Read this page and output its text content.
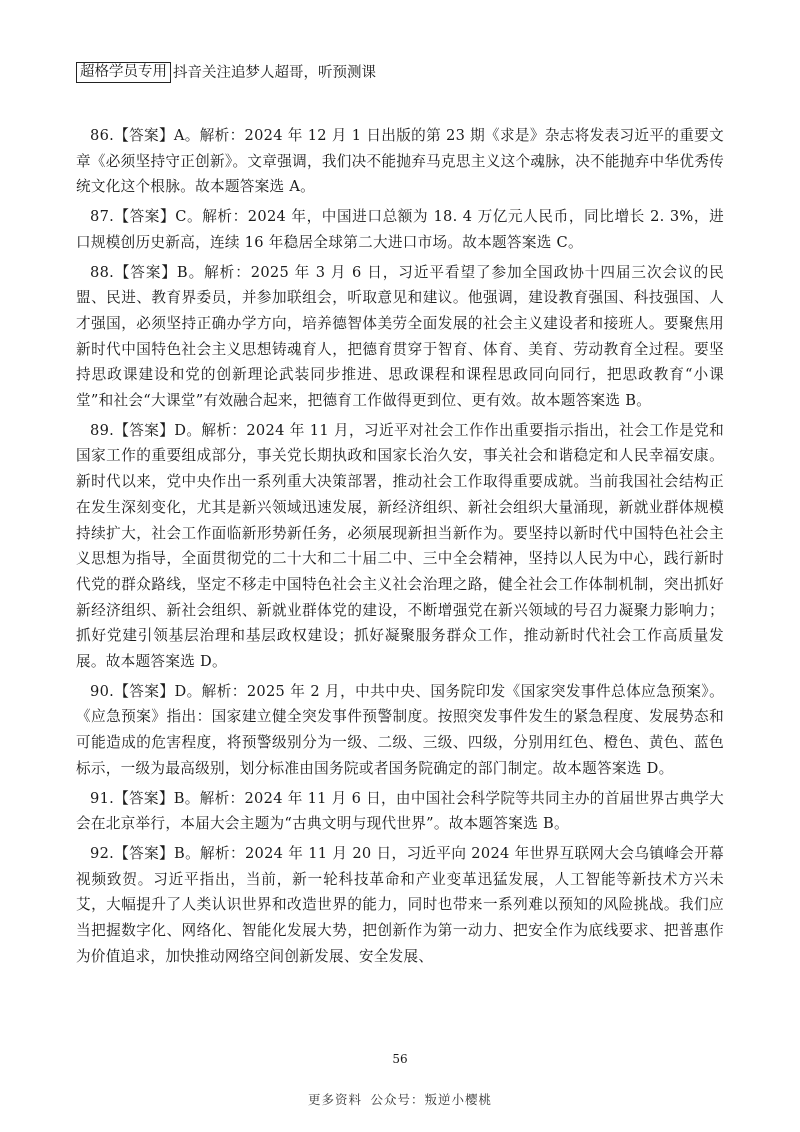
超格学员专用 抖音关注追梦人超哥，听预测课

86.【答案】A。解析：2024 年 12 月 1 日出版的第 23 期《求是》杂志将发表习近平的重要文章《必须坚持守正创新》。文章强调，我们决不能抛弃马克思主义这个魂脉，决不能抛弃中华优秀传统文化这个根脉。故本题答案选 A。

87.【答案】C。解析：2024 年，中国进口总额为 18. 4 万亿元人民币，同比增长 2. 3%，进口规模创历史新高，连续 16 年稳居全球第二大进口市场。故本题答案选 C。

88.【答案】B。解析：2025 年 3 月 6 日，习近平看望了参加全国政协十四届三次会议的民盟、民进、教育界委员，并参加联组会，听取意见和建议。他强调，建设教育强国、科技强国、人才强国，必须坚持正确办学方向，培养德智体美劳全面发展的社会主义建设者和接班人。要聚焦用新时代中国特色社会主义思想铸魂育人，把德育贯穿于智育、体育、美育、劳动教育全过程。要坚持思政课建设和党的创新理论武装同步推进、思政课程和课程思政同向同行，把思政教育“小课堂”和社会“大课堂”有效融合起来，把德育工作做得更到位、更有效。故本题答案选 B。

89.【答案】D。解析：2024 年 11 月，习近平对社会工作作出重要指示指出，社会工作是党和国家工作的重要组成部分，事关党长期执政和国家长治久安，事关社会和谐稳定和人民幸福安康。新时代以来，党中央作出一系列重大决策部署，推动社会工作取得重要成就。当前我国社会结构正在发生深刻变化，尤其是新兴领域迅速发展，新经济组织、新社会组织大量涌现，新就业群体规模持续扩大，社会工作面临新形势新任务，必须展现新担当新作为。要坚持以新时代中国特色社会主义思想为指导，全面贯彻党的二十大和二十届二中、三中全会精神，坚持以人民为中心，践行新时代党的群众路线，坚定不移走中国特色社会主义社会治理之路，健全社会工作体制机制，突出抓好新经济组织、新社会组织、新就业群体党的建设，不断增强党在新兴领域的号召力凝聚力影响力；抓好党建引领基层治理和基层政权建设；抓好凝聚服务群众工作，推动新时代社会工作高质量发展。故本题答案选 D。

90.【答案】D。解析：2025 年 2 月，中共中央、国务院印发《国家突发事件总体应急预案》。《应急预案》指出：国家建立健全突发事件预警制度。按照突发事件发生的紧急程度、发展势态和可能造成的危害程度，将预警级别分为一级、二级、三级、四级，分别用红色、橙色、黄色、蓝色标示，一级为最高级别，划分标准由国务院或者国务院确定的部门制定。故本题答案选 D。

91.【答案】B。解析：2024 年 11 月 6 日，由中国社会科学院等共同主办的首届世界古典学大会在北京举行，本届大会主题为“古典文明与现代世界”。故本题答案选 B。

92.【答案】B。解析：2024 年 11 月 20 日，习近平向 2024 年世界互联网大会乌镇峰会开幕视频致贺。习近平指出，当前，新一轮科技革命和产业变革迅猛发展，人工智能等新技术方兴未艾，大幅提升了人类认识世界和改造世界的能力，同时也带来一系列难以预知的风险挑战。我们应当把握数字化、网络化、智能化发展大势，把创新作为第一动力、把安全作为底线要求、把普惠作为价值追求，加快推动网络空间创新发展、安全发展、

56
更多资料 公众号：叛逆小樱桃
